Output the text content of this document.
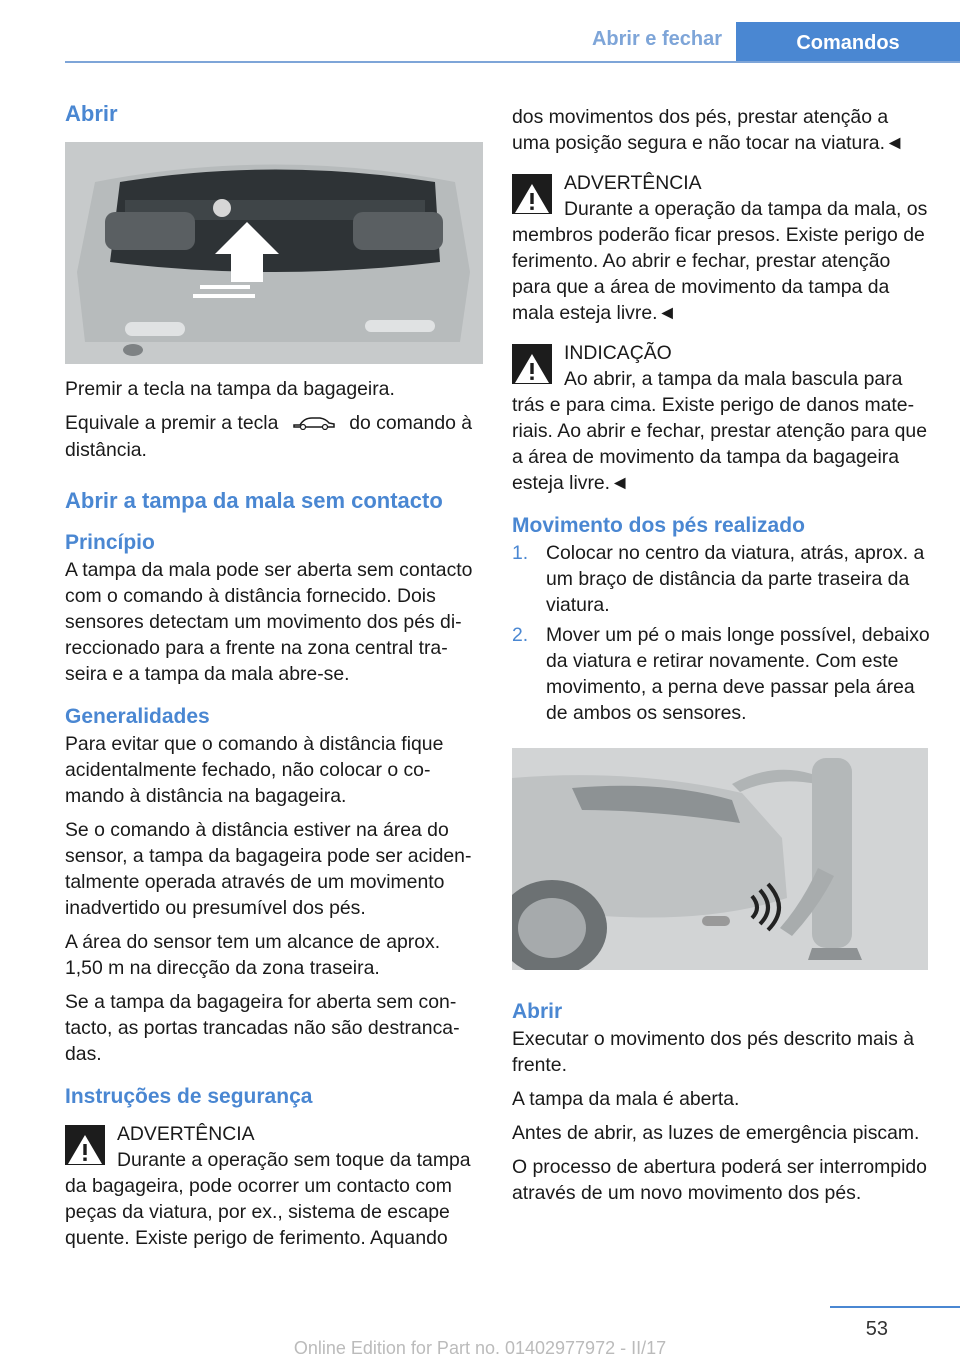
Abrir e fechar	Comandos
Abrir

Premir a tecla na tampa da bagageira.

Equivale a premir a tecla	do comando à distância.

Abrir a tampa da mala sem contacto
Princípio

A tampa da mala pode ser aberta sem contacto com o comando à distância fornecido. Dois sensores detectam um movimento dos pés direccionado para a frente na zona central traseira e a tampa da mala abre-se.

Generalidades

Para evitar que o comando à distância fique acidentalmente fechado, não colocar o comando à distância na bagageira.

Se o comando à distância estiver na área do sensor, a tampa da bagageira pode ser acidentalmente operada através de um movimento inadvertido ou presumível dos pés.

A área do sensor tem um alcance de aprox. 1,50 m na direcção da zona traseira.

Se a tampa da bagageira for aberta sem contacto, as portas trancadas não são destrancadas.

Instruções de segurança
ADVERTÊNCIA
Durante a operação sem toque da tampa da bagageira, pode ocorrer um contacto com peças da viatura, por ex., sistema de escape quente. Existe perigo de ferimento. Aquando

dos movimentos dos pés, prestar atenção a uma posição segura e não tocar na viatura.◄

ADVERTÊNCIA
Durante a operação da tampa da mala, os membros poderão ficar presos. Existe perigo de ferimento. Ao abrir e fechar, prestar atenção para que a área de movimento da tampa da mala esteja livre.◄
INDICAÇÃO
Ao abrir, a tampa da mala bascula para trás e para cima. Existe perigo de danos materiais. Ao abrir e fechar, prestar atenção para que a área de movimento da tampa da bagageira esteja livre.◄
Movimento dos pés realizado
1. Colocar no centro da viatura, atrás, aprox. a um braço de distância da parte traseira da viatura.
2. Mover um pé o mais longe possível, debaixo da viatura e retirar novamente. Com este movimento, a perna deve passar pela área de ambos os sensores.
Abrir

Executar o movimento dos pés descrito mais à frente.

A tampa da mala é aberta.

Antes de abrir, as luzes de emergência piscam.

O processo de abertura poderá ser interrompido através de um novo movimento dos pés.

53
Online Edition for Part no. 01402977972 - II/17
